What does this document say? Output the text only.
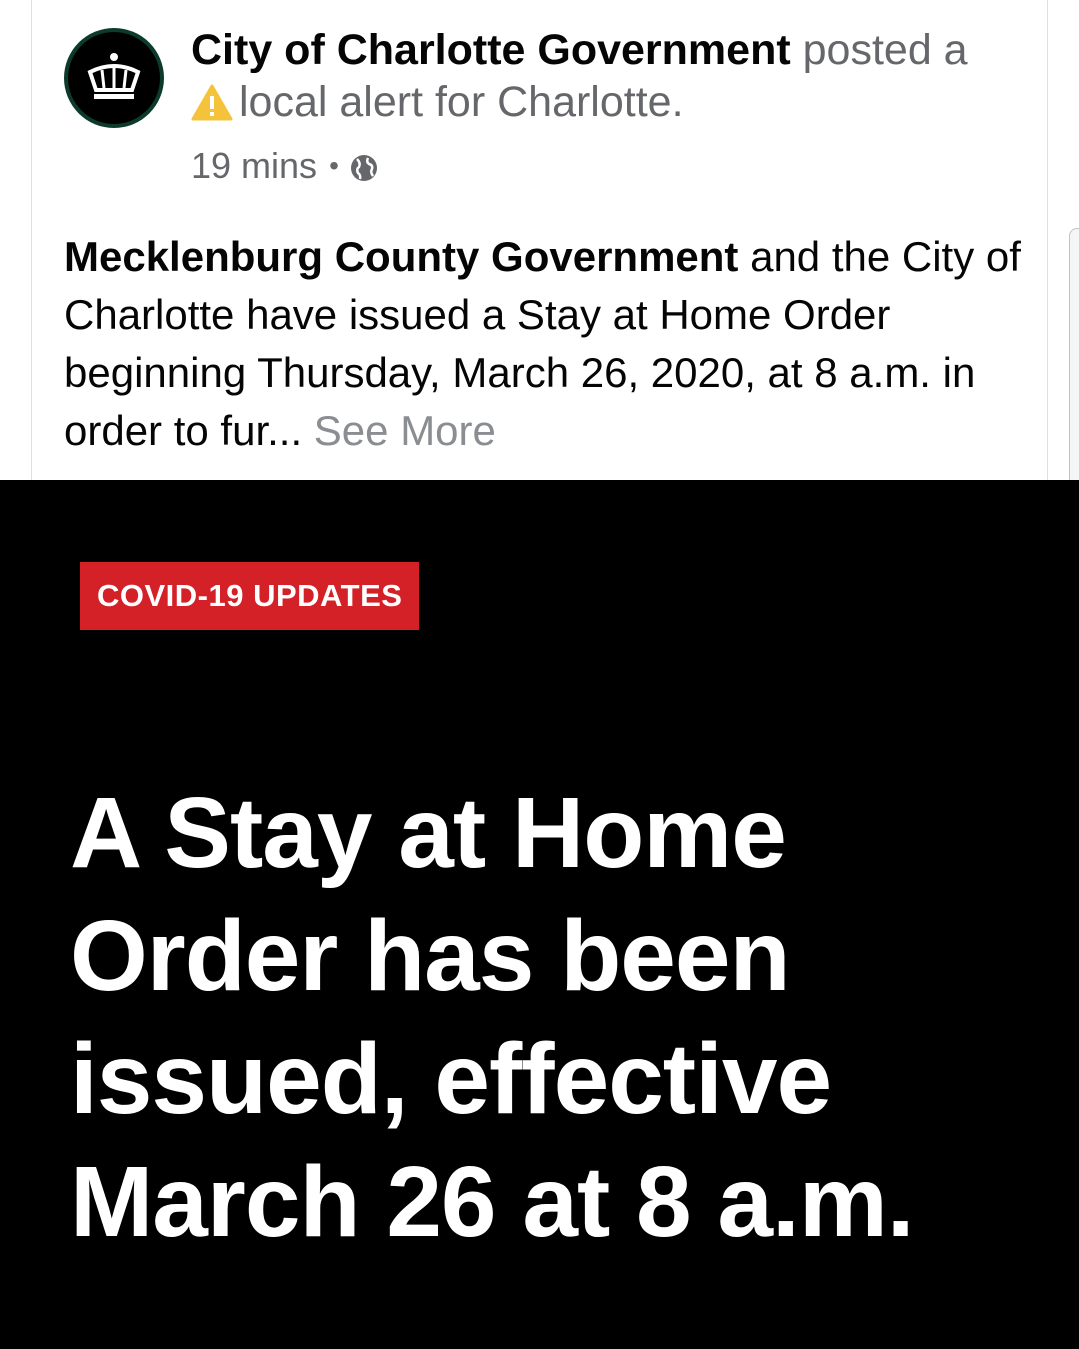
City of Charlotte Government posted a
local alert for Charlotte.
19 mins •
Mecklenburg County Government and the City of Charlotte have issued a Stay at Home Order beginning Thursday, March 26, 2020, at 8 a.m. in order to fur... See More
COVID-19 UPDATES
A Stay at Home Order has been issued, effective March 26 at 8 a.m.
